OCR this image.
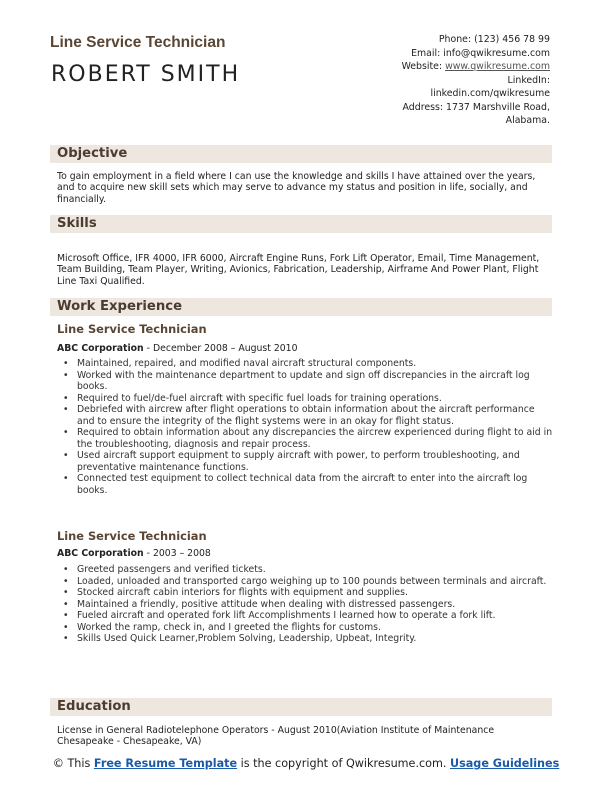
Line Service Technician
ROBERT SMITH
Phone: (123) 456 78 99
Email: info@qwikresume.com
Website: www.qwikresume.com
LinkedIn:
linkedin.com/qwikresume
Address: 1737 Marshville Road,
Alabama.
Objective
To gain employment in a field where I can use the knowledge and skills I have attained over the years, and to acquire new skill sets which may serve to advance my status and position in life, socially, and financially.
Skills
Microsoft Office, IFR 4000, IFR 6000, Aircraft Engine Runs, Fork Lift Operator, Email, Time Management, Team Building, Team Player, Writing, Avionics, Fabrication, Leadership, Airframe And Power Plant, Flight Line Taxi Qualified.
Work Experience
Line Service Technician
ABC Corporation - December 2008 – August 2010
• Maintained, repaired, and modified naval aircraft structural components.
• Worked with the maintenance department to update and sign off discrepancies in the aircraft log books.
• Required to fuel/de-fuel aircraft with specific fuel loads for training operations.
• Debriefed with aircrew after flight operations to obtain information about the aircraft performance and to ensure the integrity of the flight systems were in an okay for flight status.
• Required to obtain information about any discrepancies the aircrew experienced during flight to aid in the troubleshooting, diagnosis and repair process.
• Used aircraft support equipment to supply aircraft with power, to perform troubleshooting, and preventative maintenance functions.
• Connected test equipment to collect technical data from the aircraft to enter into the aircraft log books.
Line Service Technician
ABC Corporation - 2003 – 2008
• Greeted passengers and verified tickets.
• Loaded, unloaded and transported cargo weighing up to 100 pounds between terminals and aircraft.
• Stocked aircraft cabin interiors for flights with equipment and supplies.
• Maintained a friendly, positive attitude when dealing with distressed passengers.
• Fueled aircraft and operated fork lift Accomplishments I learned how to operate a fork lift.
• Worked the ramp, check in, and I greeted the flights for customs.
• Skills Used Quick Learner,Problem Solving, Leadership, Upbeat, Integrity.
Education
License in General Radiotelephone Operators - August 2010(Aviation Institute of Maintenance Chesapeake - Chesapeake, VA)
© This Free Resume Template is the copyright of Qwikresume.com. Usage Guidelines
